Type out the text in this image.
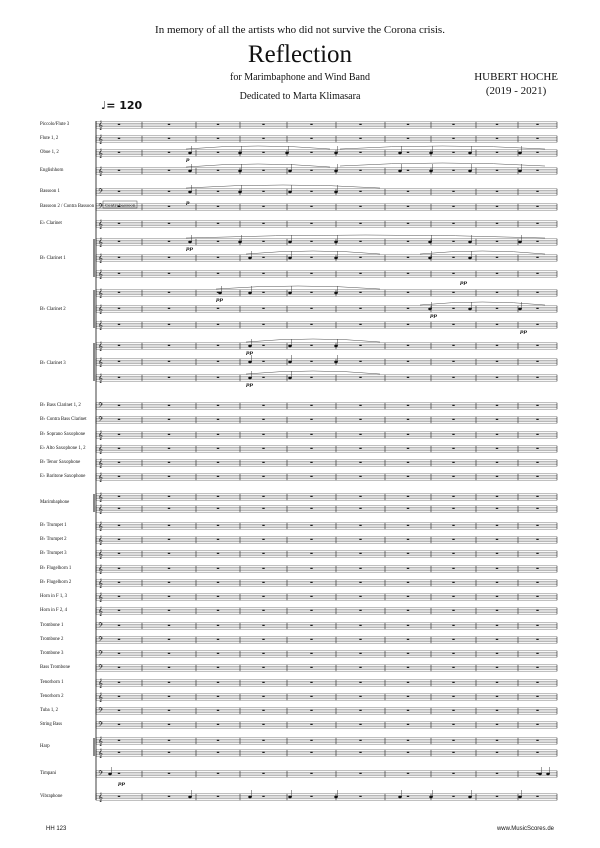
In memory of all the artists who did not survive the Corona crisis.
Reflection
for Marimbaphone and Wind Band
Dedicated to Marta Klimasara
HUBERT HOCHE
(2019 - 2021)
♩= 120
Piccolo/Flute 3
Flute 1, 2
Oboe 1, 2
Englishhorn
Bassoon 1
Bassoon 2 / Contra Bassoon
E♭ Clarinet
B♭ Clarinet 1
B♭ Clarinet 2
B♭ Clarinet 3
B♭ Bass Clarinet 1, 2
B♭ Contra Bass Clarinet
B♭ Soprano Saxophone
E♭ Alto Saxophone 1, 2
B♭ Tenor Saxophone
E♭ Baritone Saxophone
Marimbaphone
B♭ Trumpet 1
B♭ Trumpet 2
B♭ Trumpet 3
B♭ Flugelhorn 1
B♭ Flugelhorn 2
Horn in F 1, 3
Horn in F 2, 4
Trombone 1
Trombone 2
Trombone 3
Bass Trombone
Tenorhorn 1
Tenorhorn 2
Tuba 1, 2
String Bass
Harp
Timpani
Vibraphone
𝄞
𝄞
𝄞
𝄞
𝄢
𝄢
𝄞
𝄞
𝄞
𝄞
𝄞
𝄞
𝄞
𝄞
𝄞
𝄞
𝄢
𝄢
𝄞
𝄞
𝄞
𝄞
𝄞
𝄞
𝄞
𝄞
𝄞
𝄞
𝄞
𝄞
𝄞
𝄢
𝄢
𝄢
𝄢
𝄞
𝄞
𝄢
𝄢
𝄞
𝄞
𝄢
𝄞
p
p
pp
pp
pp
pp
pp
pp
pp
pp
Contrabassoon
HH 123	www.MusicScores.de
